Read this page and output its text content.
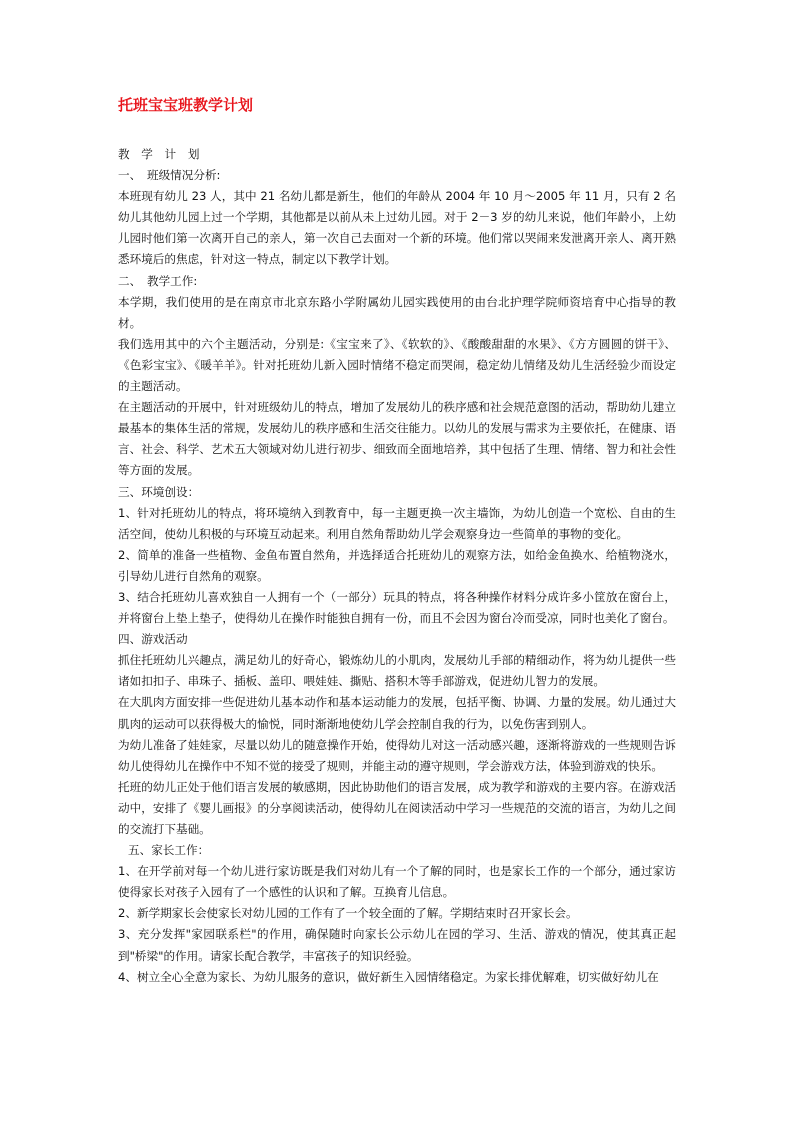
托班宝宝班教学计划

教 学 计 划

一、　班级情况分析:

本班现有幼儿 23 人，其中 21 名幼儿都是新生，他们的年龄从 2004 年 10 月～2005 年 11 月，只有 2 名幼儿其他幼儿园上过一个学期，其他都是以前从未上过幼儿园。对于 2－3 岁的幼儿来说，他们年龄小，上幼儿园时他们第一次离开自己的亲人，第一次自己去面对一个新的环境。他们常以哭闹来发泄离开亲人、离开熟悉环境后的焦虑，针对这一特点，制定以下教学计划。

二、　教学工作:

本学期，我们使用的是在南京市北京东路小学附属幼儿园实践使用的由台北护理学院师资培育中心指导的教材。

我们选用其中的六个主题活动，分别是:《宝宝来了》、《软软的》、《酸酸甜甜的水果》、《方方圆圆的饼干》、《色彩宝宝》、《暖羊羊》。针对托班幼儿新入园时情绪不稳定而哭闹，稳定幼儿情绪及幼儿生活经验少而设定的主题活动。

在主题活动的开展中，针对班级幼儿的特点，增加了发展幼儿的秩序感和社会规范意图的活动，帮助幼儿建立最基本的集体生活的常规，发展幼儿的秩序感和生活交往能力。以幼儿的发展与需求为主要依托，在健康、语言、社会、科学、艺术五大领域对幼儿进行初步、细致而全面地培养，其中包括了生理、情绪、智力和社会性等方面的发展。

三、环境创设：

1、针对托班幼儿的特点，将环境纳入到教育中，每一主题更换一次主墙饰，为幼儿创造一个宽松、自由的生活空间，使幼儿积极的与环境互动起来。利用自然角帮助幼儿学会观察身边一些简单的事物的变化。

2、简单的准备一些植物、金鱼布置自然角，并选择适合托班幼儿的观察方法，如给金鱼换水、给植物浇水，引导幼儿进行自然角的观察。

3、结合托班幼儿喜欢独自一人拥有一个（一部分）玩具的特点，将各种操作材料分成许多小筐放在窗台上，并将窗台上垫上垫子，使得幼儿在操作时能独自拥有一份，而且不会因为窗台冷而受凉，同时也美化了窗台。

四、游戏活动

抓住托班幼儿兴趣点，满足幼儿的好奇心，锻炼幼儿的小肌肉，发展幼儿手部的精细动作，将为幼儿提供一些诸如扣扣子、串珠子、插板、盖印、喂娃娃、撕贴、搭积木等手部游戏，促进幼儿智力的发展。

在大肌肉方面安排一些促进幼儿基本动作和基本运动能力的发展，包括平衡、协调、力量的发展。幼儿通过大肌肉的运动可以获得极大的愉悦，同时渐渐地使幼儿学会控制自我的行为，以免伤害到别人。

为幼儿准备了娃娃家，尽量以幼儿的随意操作开始，使得幼儿对这一活动感兴趣，逐渐将游戏的一些规则告诉幼儿使得幼儿在操作中不知不觉的接受了规则，并能主动的遵守规则，学会游戏方法，体验到游戏的快乐。

托班的幼儿正处于他们语言发展的敏感期，因此协助他们的语言发展，成为教学和游戏的主要内容。在游戏活动中，安排了《婴儿画报》的分享阅读活动，使得幼儿在阅读活动中学习一些规范的交流的语言，为幼儿之间的交流打下基础。

五、家长工作：

1、在开学前对每一个幼儿进行家访既是我们对幼儿有一个了解的同时，也是家长工作的一个部分，通过家访使得家长对孩子入园有了一个感性的认识和了解。互换育儿信息。

2、新学期家长会使家长对幼儿园的工作有了一个较全面的了解。学期结束时召开家长会。

3、充分发挥"家园联系栏"的作用，确保随时向家长公示幼儿在园的学习、生活、游戏的情况，使其真正起到"桥梁"的作用。请家长配合教学，丰富孩子的知识经验。

4、树立全心全意为家长、为幼儿服务的意识，做好新生入园情绪稳定。为家长排优解难，切实做好幼儿在
